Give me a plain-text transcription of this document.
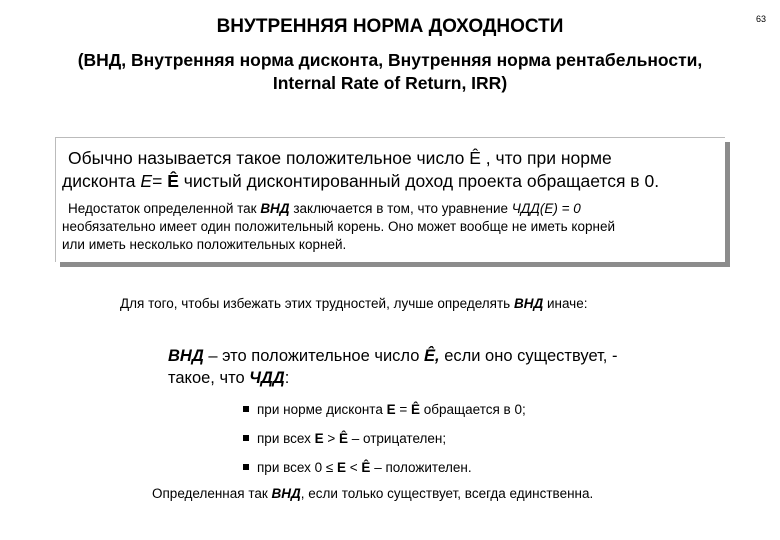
63
ВНУТРЕННЯЯ НОРМА ДОХОДНОСТИ
(ВНД, Внутренняя норма дисконта, Внутренняя норма рентабельности,
Internal Rate of Return, IRR)
Обычно называется такое положительное число Ê , что при норме
дисконта Е= Ê чистый дисконтированный доход проекта обращается в 0.
Недостаток определенной так ВНД заключается в том, что уравнение ЧДД(Е) = 0
необязательно имеет один положительный корень. Оно может вообще не иметь корней
или иметь несколько положительных корней.
Для того, чтобы избежать этих трудностей, лучше определять ВНД иначе:
ВНД – это положительное число Ê, если оно существует, -
такое, что ЧДД:
при норме дисконта Е = Ê обращается в 0;
при всех Е > Ê – отрицателен;
при всех 0 ≤ Е < Ê – положителен.
Определенная так ВНД, если только существует, всегда единственна.
